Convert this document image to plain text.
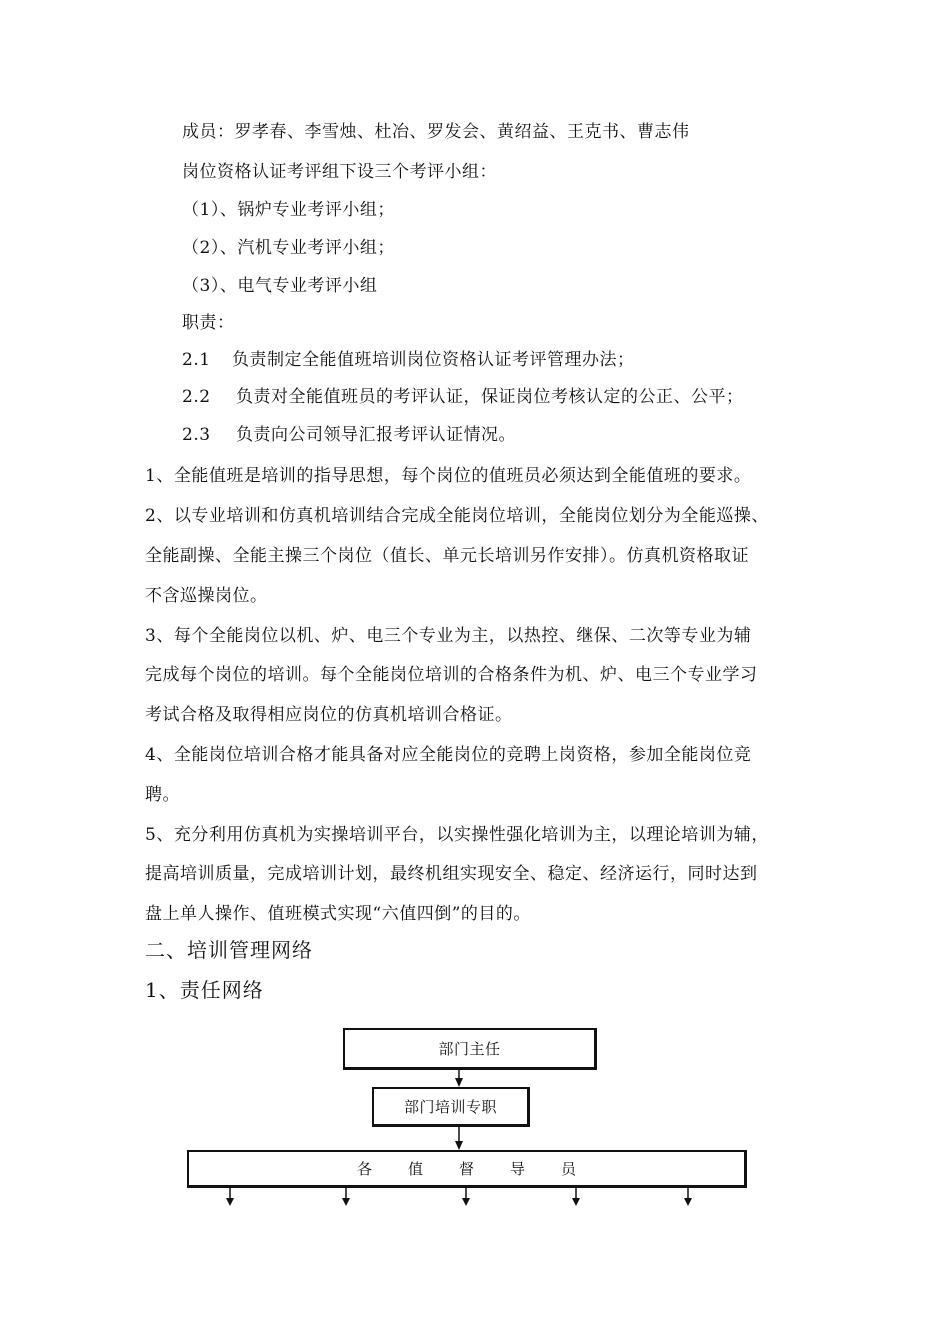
成员：罗孝春、李雪烛、杜冶、罗发会、黄绍益、王克书、曹志伟
岗位资格认证考评组下设三个考评小组：
（1）、锅炉专业考评小组；
（2）、汽机专业考评小组；
（3）、电气专业考评小组
职责：
2.1 负责制定全能值班培训岗位资格认证考评管理办法；
2.2 负责对全能值班员的考评认证，保证岗位考核认定的公正、公平；
2.3 负责向公司领导汇报考评认证情况。
1、全能值班是培训的指导思想，每个岗位的值班员必须达到全能值班的要求。
2、以专业培训和仿真机培训结合完成全能岗位培训，全能岗位划分为全能巡操、
全能副操、全能主操三个岗位（值长、单元长培训另作安排）。仿真机资格取证
不含巡操岗位。
3、每个全能岗位以机、炉、电三个专业为主，以热控、继保、二次等专业为辅
完成每个岗位的培训。每个全能岗位培训的合格条件为机、炉、电三个专业学习
考试合格及取得相应岗位的仿真机培训合格证。
4、全能岗位培训合格才能具备对应全能岗位的竞聘上岗资格，参加全能岗位竞
聘。
5、充分利用仿真机为实操培训平台，以实操性强化培训为主，以理论培训为辅，
提高培训质量，完成培训计划，最终机组实现安全、稳定、经济运行，同时达到
盘上单人操作、值班模式实现“六值四倒”的目的。
二、培训管理网络
1、责任网络
部门主任
部门培训专职
各值督导员
